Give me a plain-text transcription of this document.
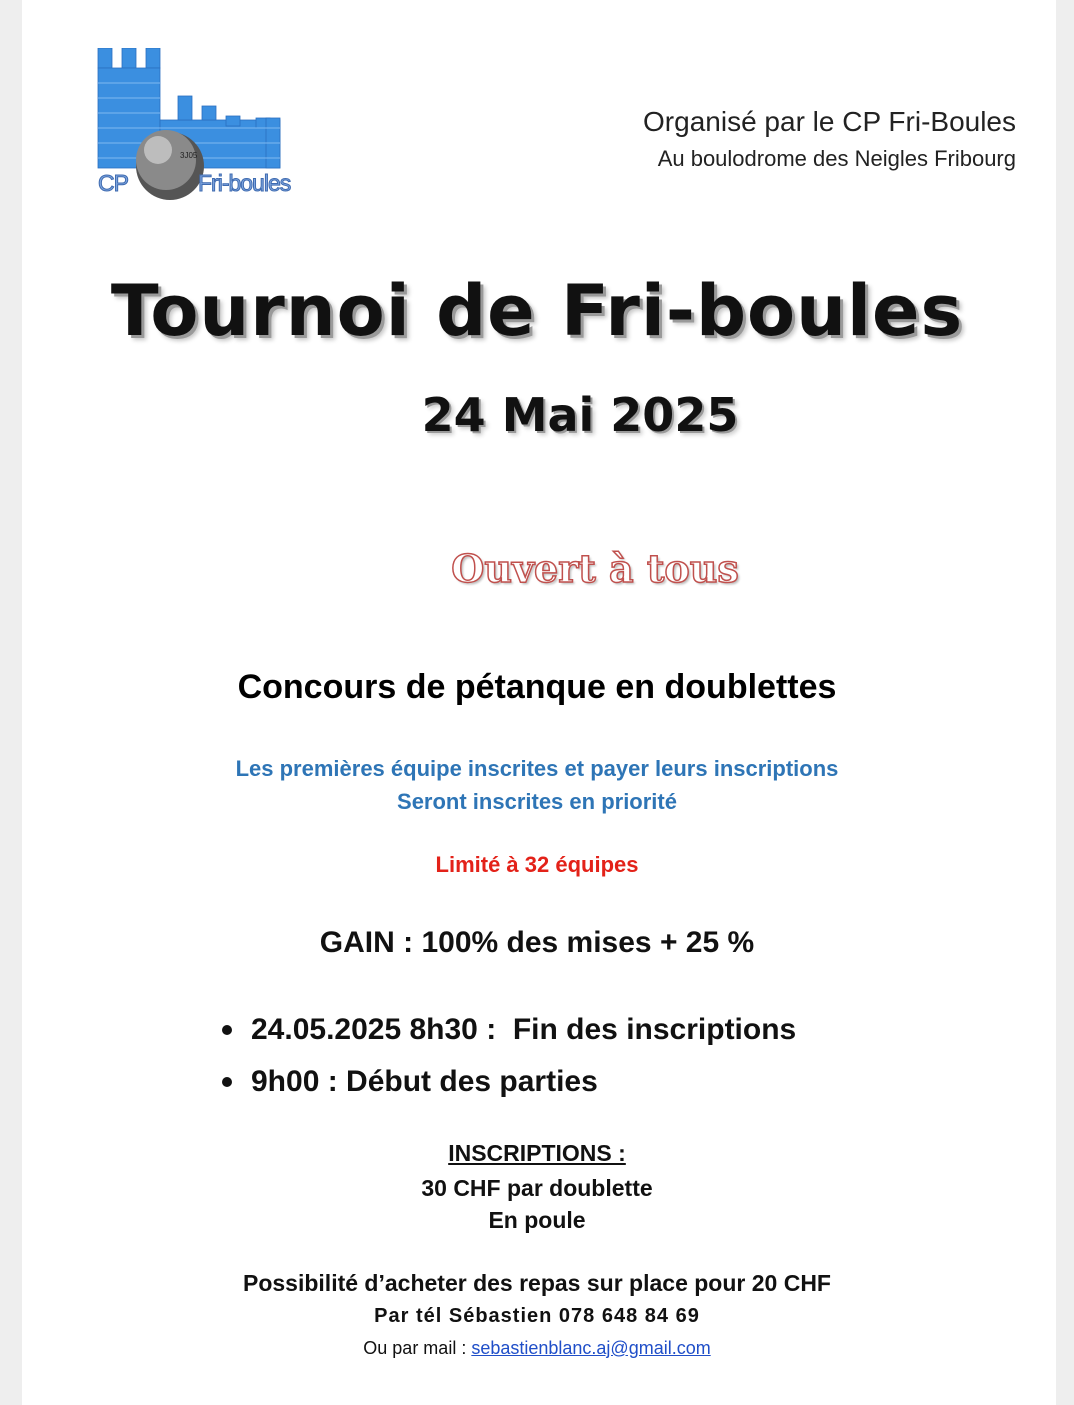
3J05
CP	Fri-boules
Organisé par le CP Fri-Boules
Au boulodrome des Neigles Fribourg
Tournoi de Fri-boules
24 Mai 2025
Ouvert à tous
Concours de pétanque en doublettes
Les premières équipe inscrites et payer leurs inscriptions
Seront inscrites en priorité
Limité à 32 équipes
GAIN : 100% des mises + 25 %
24.05.2025 8h30 :  Fin des inscriptions
9h00 : Début des parties
INSCRIPTIONS :
30 CHF par doublette
En poule
Possibilité d’acheter des repas sur place pour 20 CHF
Par tél Sébastien 078 648 84 69
Ou par mail : sebastienblanc.aj@gmail.com
